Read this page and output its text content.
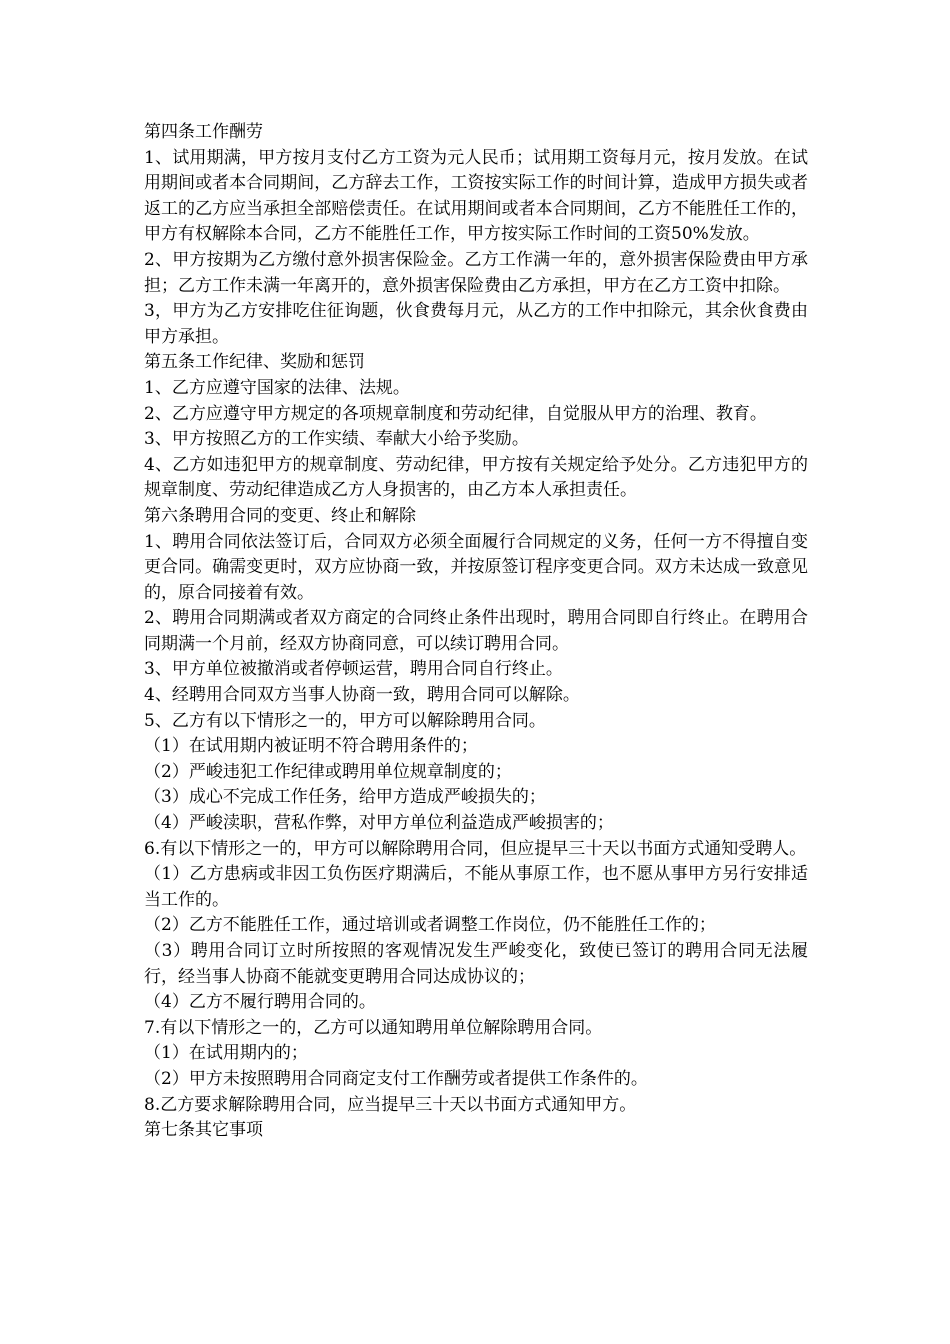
第四条工作酬劳

1、试用期满，甲方按月支付乙方工资为元人民币；试用期工资每月元，按月发放。在试用期间或者本合同期间，乙方辞去工作，工资按实际工作的时间计算，造成甲方损失或者返工的乙方应当承担全部赔偿责任。在试用期间或者本合同期间，乙方不能胜任工作的，甲方有权解除本合同，乙方不能胜任工作，甲方按实际工作时间的工资50%发放。

2、甲方按期为乙方缴付意外损害保险金。乙方工作满一年的，意外损害保险费由甲方承担；乙方工作未满一年离开的，意外损害保险费由乙方承担，甲方在乙方工资中扣除。

3，甲方为乙方安排吃住征询题，伙食费每月元，从乙方的工作中扣除元，其余伙食费由甲方承担。

第五条工作纪律、奖励和惩罚

1、乙方应遵守国家的法律、法规。

2、乙方应遵守甲方规定的各项规章制度和劳动纪律，自觉服从甲方的治理、教育。

3、甲方按照乙方的工作实绩、奉献大小给予奖励。

4、乙方如违犯甲方的规章制度、劳动纪律，甲方按有关规定给予处分。乙方违犯甲方的规章制度、劳动纪律造成乙方人身损害的，由乙方本人承担责任。

第六条聘用合同的变更、终止和解除

1、聘用合同依法签订后，合同双方必须全面履行合同规定的义务，任何一方不得擅自变更合同。确需变更时，双方应协商一致，并按原签订程序变更合同。双方未达成一致意见的，原合同接着有效。

2、聘用合同期满或者双方商定的合同终止条件出现时，聘用合同即自行终止。在聘用合同期满一个月前，经双方协商同意，可以续订聘用合同。

3、甲方单位被撤消或者停顿运营，聘用合同自行终止。

4、经聘用合同双方当事人协商一致，聘用合同可以解除。

5、乙方有以下情形之一的，甲方可以解除聘用合同。

（1）在试用期内被证明不符合聘用条件的；

（2）严峻违犯工作纪律或聘用单位规章制度的；

（3）成心不完成工作任务，给甲方造成严峻损失的；

（4）严峻渎职，营私作弊，对甲方单位利益造成严峻损害的；

6.有以下情形之一的，甲方可以解除聘用合同，但应提早三十天以书面方式通知受聘人。

（1）乙方患病或非因工负伤医疗期满后，不能从事原工作，也不愿从事甲方另行安排适当工作的。

（2）乙方不能胜任工作，通过培训或者调整工作岗位，仍不能胜任工作的；

（3）聘用合同订立时所按照的客观情况发生严峻变化，致使已签订的聘用合同无法履行，经当事人协商不能就变更聘用合同达成协议的；

（4）乙方不履行聘用合同的。

7.有以下情形之一的，乙方可以通知聘用单位解除聘用合同。

（1）在试用期内的；

（2）甲方未按照聘用合同商定支付工作酬劳或者提供工作条件的。

8.乙方要求解除聘用合同，应当提早三十天以书面方式通知甲方。

第七条其它事项
